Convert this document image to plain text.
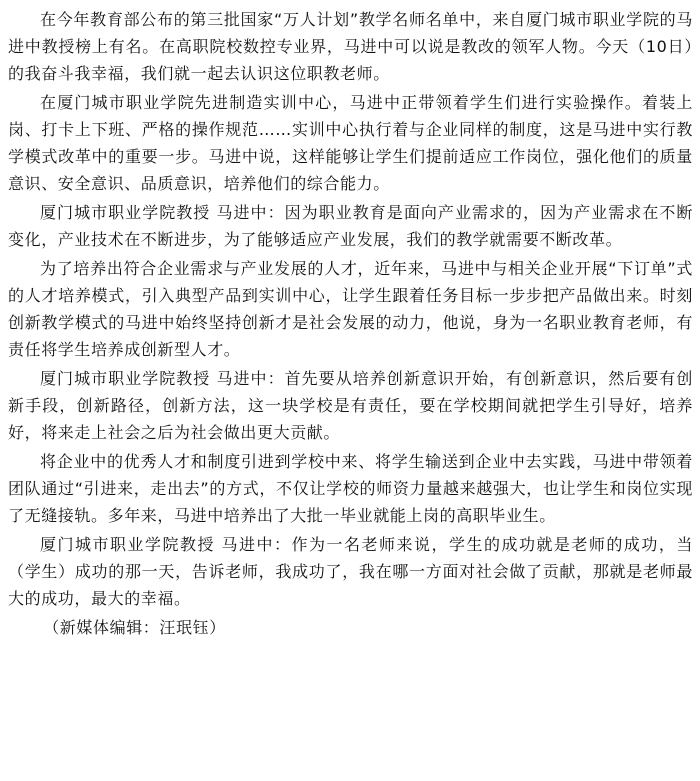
在今年教育部公布的第三批国家“万人计划”教学名师名单中，来自厦门城市职业学院的马进中教授榜上有名。在高职院校数控专业界，马进中可以说是教改的领军人物。今天（10日）的我奋斗我幸福，我们就一起去认识这位职教老师。

在厦门城市职业学院先进制造实训中心，马进中正带领着学生们进行实验操作。着装上岗、打卡上下班、严格的操作规范……实训中心执行着与企业同样的制度，这是马进中实行教学模式改革中的重要一步。马进中说，这样能够让学生们提前适应工作岗位，强化他们的质量意识、安全意识、品质意识，培养他们的综合能力。

厦门城市职业学院教授 马进中：因为职业教育是面向产业需求的，因为产业需求在不断变化，产业技术在不断进步，为了能够适应产业发展，我们的教学就需要不断改革。

为了培养出符合企业需求与产业发展的人才，近年来，马进中与相关企业开展“下订单”式的人才培养模式，引入典型产品到实训中心，让学生跟着任务目标一步步把产品做出来。时刻创新教学模式的马进中始终坚持创新才是社会发展的动力，他说，身为一名职业教育老师，有责任将学生培养成创新型人才。

厦门城市职业学院教授 马进中：首先要从培养创新意识开始，有创新意识，然后要有创新手段，创新路径，创新方法，这一块学校是有责任，要在学校期间就把学生引导好，培养好，将来走上社会之后为社会做出更大贡献。

将企业中的优秀人才和制度引进到学校中来、将学生输送到企业中去实践，马进中带领着团队通过“引进来，走出去”的方式，不仅让学校的师资力量越来越强大，也让学生和岗位实现了无缝接轨。多年来，马进中培养出了大批一毕业就能上岗的高职毕业生。

厦门城市职业学院教授 马进中：作为一名老师来说，学生的成功就是老师的成功，当（学生）成功的那一天，告诉老师，我成功了，我在哪一方面对社会做了贡献，那就是老师最大的成功，最大的幸福。

（新媒体编辑：汪珉钰）
